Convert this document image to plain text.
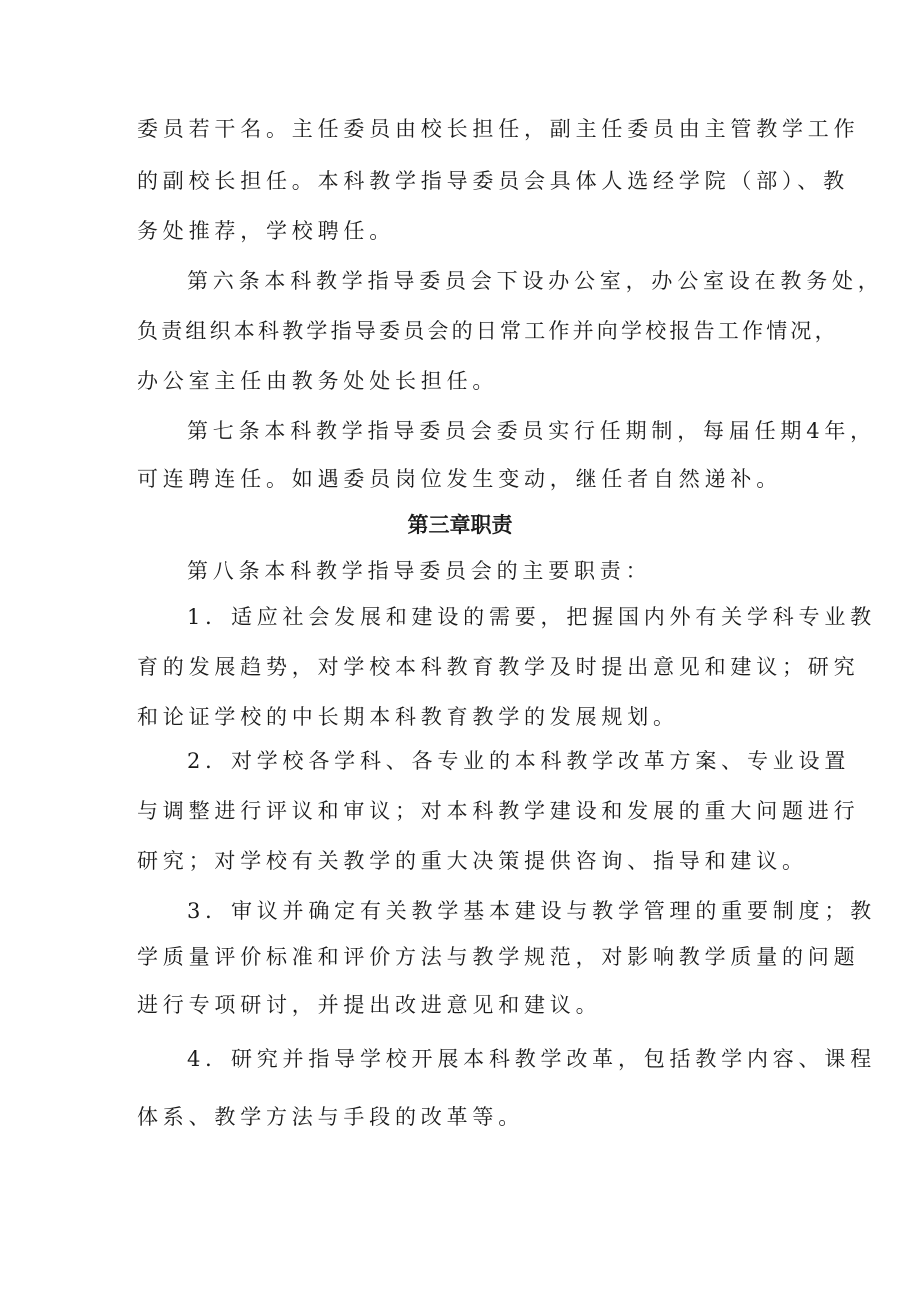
委员若干名。主任委员由校长担任，副主任委员由主管教学工作
的副校长担任。本科教学指导委员会具体人选经学院（部）、教
务处推荐，学校聘任。
第六条本科教学指导委员会下设办公室，办公室设在教务处，
负责组织本科教学指导委员会的日常工作并向学校报告工作情况，
办公室主任由教务处处长担任。
第七条本科教学指导委员会委员实行任期制，每届任期4年，
可连聘连任。如遇委员岗位发生变动，继任者自然递补。
第三章职责
第八条本科教学指导委员会的主要职责：
1．适应社会发展和建设的需要，把握国内外有关学科专业教
育的发展趋势，对学校本科教育教学及时提出意见和建议；研究
和论证学校的中长期本科教育教学的发展规划。
2．对学校各学科、各专业的本科教学改革方案、专业设置
与调整进行评议和审议；对本科教学建设和发展的重大问题进行
研究；对学校有关教学的重大决策提供咨询、指导和建议。
3．审议并确定有关教学基本建设与教学管理的重要制度；教
学质量评价标准和评价方法与教学规范，对影响教学质量的问题
进行专项研讨，并提出改进意见和建议。
4．研究并指导学校开展本科教学改革，包括教学内容、课程
体系、教学方法与手段的改革等。
